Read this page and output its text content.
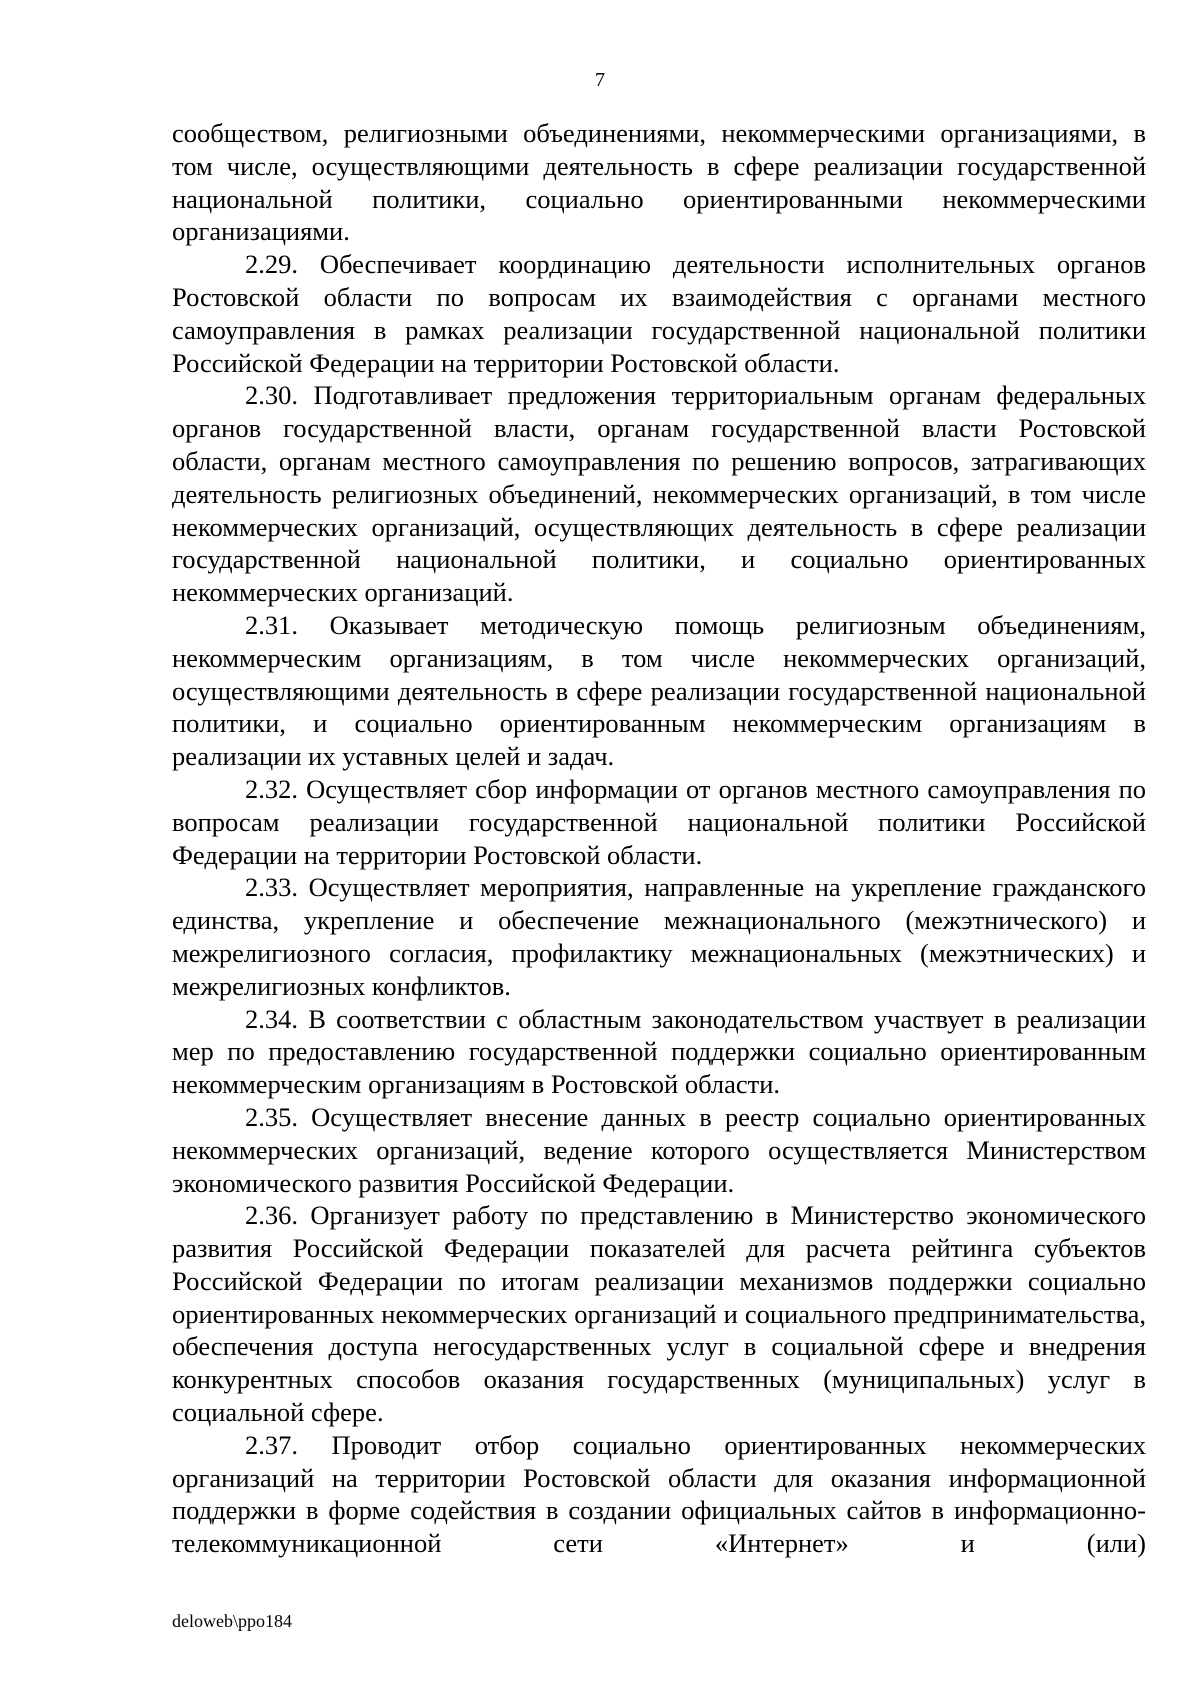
7

сообществом, религиозными объединениями, некоммерческими организациями, в том числе, осуществляющими деятельность в сфере реализации государственной национальной политики, социально ориентированными некоммерческими организациями.

2.29. Обеспечивает координацию деятельности исполнительных органов Ростовской области по вопросам их взаимодействия с органами местного самоуправления в рамках реализации государственной национальной политики Российской Федерации на территории Ростовской области.

2.30. Подготавливает предложения территориальным органам федеральных органов государственной власти, органам государственной власти Ростовской области, органам местного самоуправления по решению вопросов, затрагивающих деятельность религиозных объединений, некоммерческих организаций, в том числе некоммерческих организаций, осуществляющих деятельность в сфере реализации государственной национальной политики, и социально ориентированных некоммерческих организаций.

2.31. Оказывает методическую помощь религиозным объединениям, некоммерческим организациям, в том числе некоммерческих организаций, осуществляющими деятельность в сфере реализации государственной национальной политики, и социально ориентированным некоммерческим организациям в реализации их уставных целей и задач.

2.32. Осуществляет сбор информации от органов местного самоуправления по вопросам реализации государственной национальной политики Российской Федерации на территории Ростовской области.

2.33. Осуществляет мероприятия, направленные на укрепление гражданского единства, укрепление и обеспечение межнационального (межэтнического) и межрелигиозного согласия, профилактику межнациональных (межэтнических) и межрелигиозных конфликтов.

2.34. В соответствии с областным законодательством участвует в реализации мер по предоставлению государственной поддержки социально ориентированным некоммерческим организациям в Ростовской области.

2.35. Осуществляет внесение данных в реестр социально ориентированных некоммерческих организаций, ведение которого осуществляется Министерством экономического развития Российской Федерации.

2.36. Организует работу по представлению в Министерство экономического развития Российской Федерации показателей для расчета рейтинга субъектов Российской Федерации по итогам реализации механизмов поддержки социально ориентированных некоммерческих организаций и социального предпринимательства, обеспечения доступа негосударственных услуг в социальной сфере и внедрения конкурентных способов оказания государственных (муниципальных) услуг в социальной сфере.

2.37. Проводит отбор социально ориентированных некоммерческих организаций на территории Ростовской области для оказания информационной поддержки в форме содействия в создании официальных сайтов в информационно-телекоммуникационной сети «Интернет» и (или)

deloweb\ppo184
